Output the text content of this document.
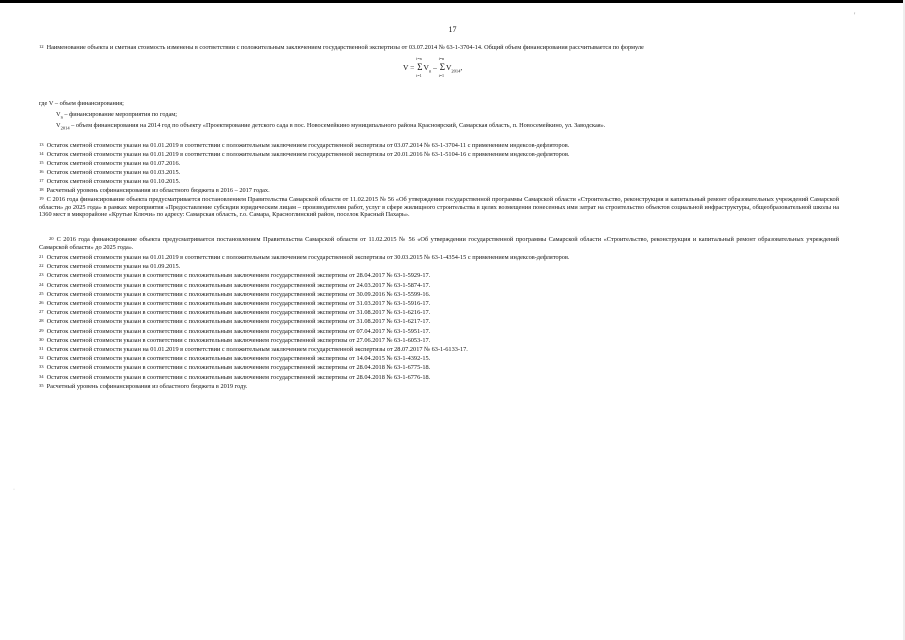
17
'
$^{12}$ Наименование объекта и сметная стоимость изменены в соответствии с положительным заключением государственной экспертизы от 03.07.2014 № 63-1-3704-14. Общий объем финансирования рассчитывается по формуле
V = Σ
i=n
i=1
$V_n$ – Σ
i=n
i=1
$V_{2014}$,
где V – объем финансирования;
$V_n$ – финансирование мероприятия по годам;
$V_{2014}$ – объем финансирования на 2014 год по объекту «Проектирование детского сада в пос. Новосемейкино муниципального района Красноярский, Самарская область, п. Новосемейкино, ул. Заводская».
$^{13}$ Остаток сметной стоимости указан на 01.01.2019 в соответствии с положительным заключением государственной экспертизы от 03.07.2014 № 63-1-3704-11 с применением индексов-дефляторов.
$^{14}$ Остаток сметной стоимости указан на 01.01.2019 в соответствии с положительным заключением государственной экспертизы от 20.01.2016 № 63-1-5104-16 с применением индексов-дефляторов.
$^{15}$ Остаток сметной стоимости указан на 01.07.2016.
$^{16}$ Остаток сметной стоимости указан на 01.03.2015.
$^{17}$ Остаток сметной стоимости указан на 01.10.2015.
$^{18}$ Расчетный уровень софинансирования из областного бюджета в 2016 – 2017 годах.
$^{19}$ С 2016 года финансирование объекта предусматривается постановлением Правительства Самарской области от 11.02.2015 № 56 «Об утверждении государственной программы Самарской области «Строительство, реконструкция и капитальный ремонт образовательных учреждений Самарской области» до 2025 года» в рамках мероприятия «Предоставление субсидии юридическим лицам – производителям работ, услуг в сфере жилищного строительства в целях возмещения понесенных ими затрат на строительство объектов социальной инфраструктуры, общеобразовательной школы на 1360 мест в микрорайоне «Крутые Ключи» по адресу: Самарская область, г.о. Самара, Красноглинский район, поселок Красный Пахарь».
$^{20}$ С 2016 года финансирование объекта предусматривается постановлением Правительства Самарской области от 11.02.2015 № 56 «Об утверждении государственной программы Самарской области «Строительство, реконструкция и капитальный ремонт образовательных учреждений Самарской области» до 2025 года».
$^{21}$ Остаток сметной стоимости указан на 01.01.2019 в соответствии с положительным заключением государственной экспертизы от 30.03.2015 № 63-1-4354-15 с применением индексов-дефляторов.
$^{22}$ Остаток сметной стоимости указан на 01.09.2015.
$^{23}$ Остаток сметной стоимости указан в соответствии с положительным заключением государственной экспертизы от 28.04.2017 № 63-1-5929-17.
$^{24}$ Остаток сметной стоимости указан в соответствии с положительным заключением государственной экспертизы от 24.03.2017 № 63-1-5874-17.
$^{25}$ Остаток сметной стоимости указан в соответствии с положительным заключением государственной экспертизы от 30.09.2016 № 63-1-5599-16.
$^{26}$ Остаток сметной стоимости указан в соответствии с положительным заключением государственной экспертизы от 31.03.2017 № 63-1-5916-17.
$^{27}$ Остаток сметной стоимости указан в соответствии с положительным заключением государственной экспертизы от 31.08.2017 № 63-1-6216-17.
$^{28}$ Остаток сметной стоимости указан в соответствии с положительным заключением государственной экспертизы от 31.08.2017 № 63-1-6217-17.
$^{29}$ Остаток сметной стоимости указан в соответствии с положительным заключением государственной экспертизы от 07.04.2017 № 63-1-5951-17.
$^{30}$ Остаток сметной стоимости указан в соответствии с положительным заключением государственной экспертизы от 27.06.2017 № 63-1-6053-17.
$^{31}$ Остаток сметной стоимости указан на 01.01.2019 в соответствии с положительным заключением государственной экспертизы от 28.07.2017 № 63-1-6133-17.
$^{32}$ Остаток сметной стоимости указан в соответствии с положительным заключением государственной экспертизы от 14.04.2015 № 63-1-4392-15.
$^{33}$ Остаток сметной стоимости указан в соответствии с положительным заключением государственной экспертизы от 28.04.2018 № 63-1-6775-18.
$^{34}$ Остаток сметной стоимости указан в соответствии с положительным заключением государственной экспертизы от 28.04.2018 № 63-1-6776-18.
$^{35}$ Расчетный уровень софинансирования из областного бюджета в 2019 году.
·
